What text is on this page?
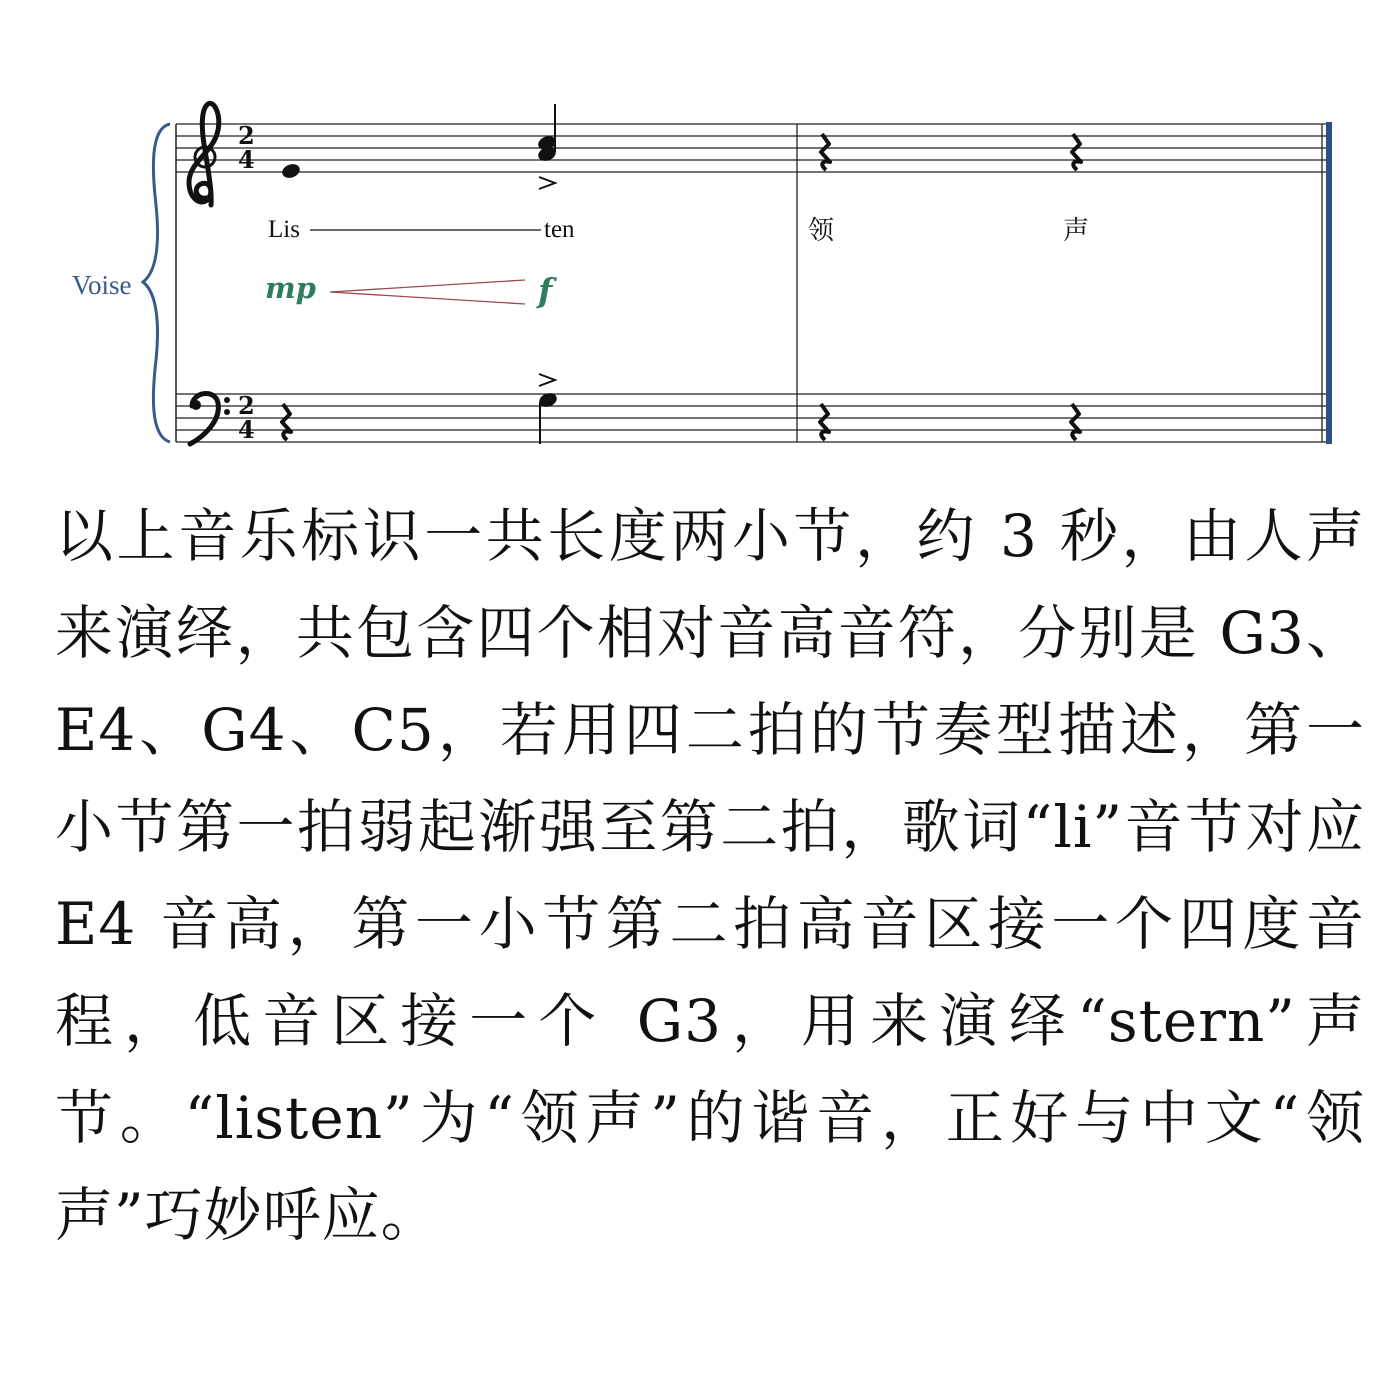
Voise
2
4
Lis	ten	领	声
mp	f
2
4

以上音乐标识一共长度两小节，约 3 秒，由人声来演绎，共包含四个相对音高音符，分别是 G3、E4、G4、C5，若用四二拍的节奏型描述，第一小节第一拍弱起渐强至第二拍，歌词“li”音节对应 E4 音高，第一小节第二拍高音区接一个四度音程，低音区接一个 G3，用来演绎“stern”声节。“listen”为“领声”的谐音，正好与中文“领声”巧妙呼应。
